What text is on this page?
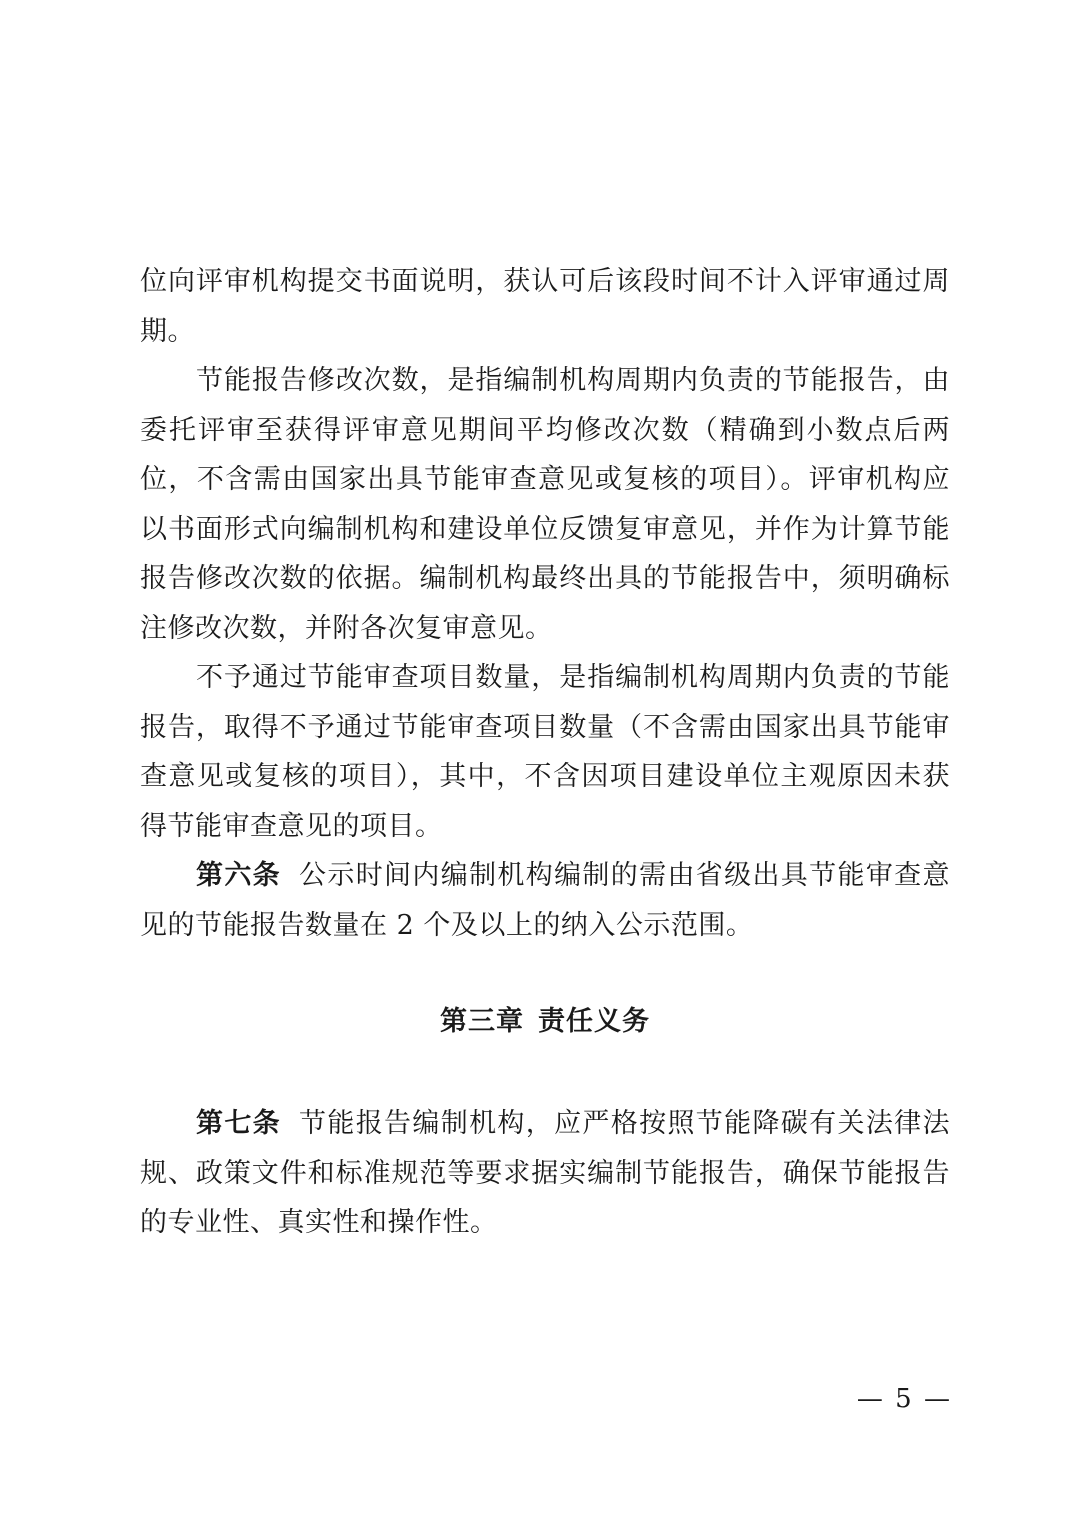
位向评审机构提交书面说明，获认可后该段时间不计入评审通过周期。

节能报告修改次数，是指编制机构周期内负责的节能报告，由委托评审至获得评审意见期间平均修改次数（精确到小数点后两位，不含需由国家出具节能审查意见或复核的项目）。评审机构应以书面形式向编制机构和建设单位反馈复审意见，并作为计算节能报告修改次数的依据。编制机构最终出具的节能报告中，须明确标注修改次数，并附各次复审意见。

不予通过节能审查项目数量，是指编制机构周期内负责的节能报告，取得不予通过节能审查项目数量（不含需由国家出具节能审查意见或复核的项目），其中，不含因项目建设单位主观原因未获得节能审查意见的项目。

第六条 公示时间内编制机构编制的需由省级出具节能审查意见的节能报告数量在 2 个及以上的纳入公示范围。

第三章 责任义务

第七条 节能报告编制机构，应严格按照节能降碳有关法律法规、政策文件和标准规范等要求据实编制节能报告，确保节能报告的专业性、真实性和操作性。

— 5 —
